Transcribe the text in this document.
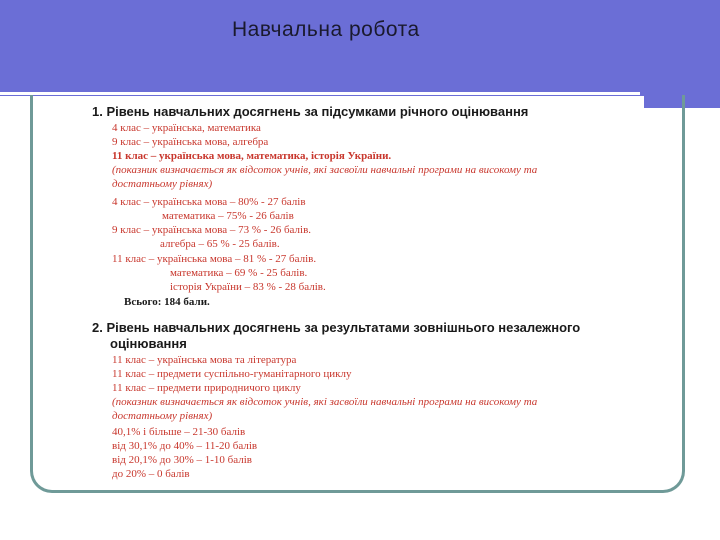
Навчальна робота
1. Рівень навчальних досягнень за підсумками річного оцінювання
4 клас – українська, математика
9 клас – українська мова, алгебра
11 клас – українська мова, математика, історія України.
(показник визначається як відсоток учнів, які засвоїли навчальні програми на високому та
достатньому рівнях)
4 клас – українська мова – 80% - 27 балів
математика – 75% - 26 балів
9 клас – українська мова – 73 % - 26 балів.
алгебра – 65 % - 25 балів.
11 клас – українська мова – 81 % - 27 балів.
математика – 69 % - 25 балів.
історія України – 83 % - 28 балів.
Всього: 184 бали.
2. Рівень навчальних досягнень за результатами зовнішнього незалежного
оцінювання
11 клас – українська мова та література
11 клас – предмети суспільно-гуманітарного циклу
11 клас – предмети природничого циклу
(показник визначається як відсоток учнів, які засвоїли навчальні програми на високому та
достатньому рівнях)
40,1% і більше – 21-30 балів
від 30,1% до 40% – 11-20 балів
від 20,1% до 30% – 1-10 балів
до 20% – 0 балів
